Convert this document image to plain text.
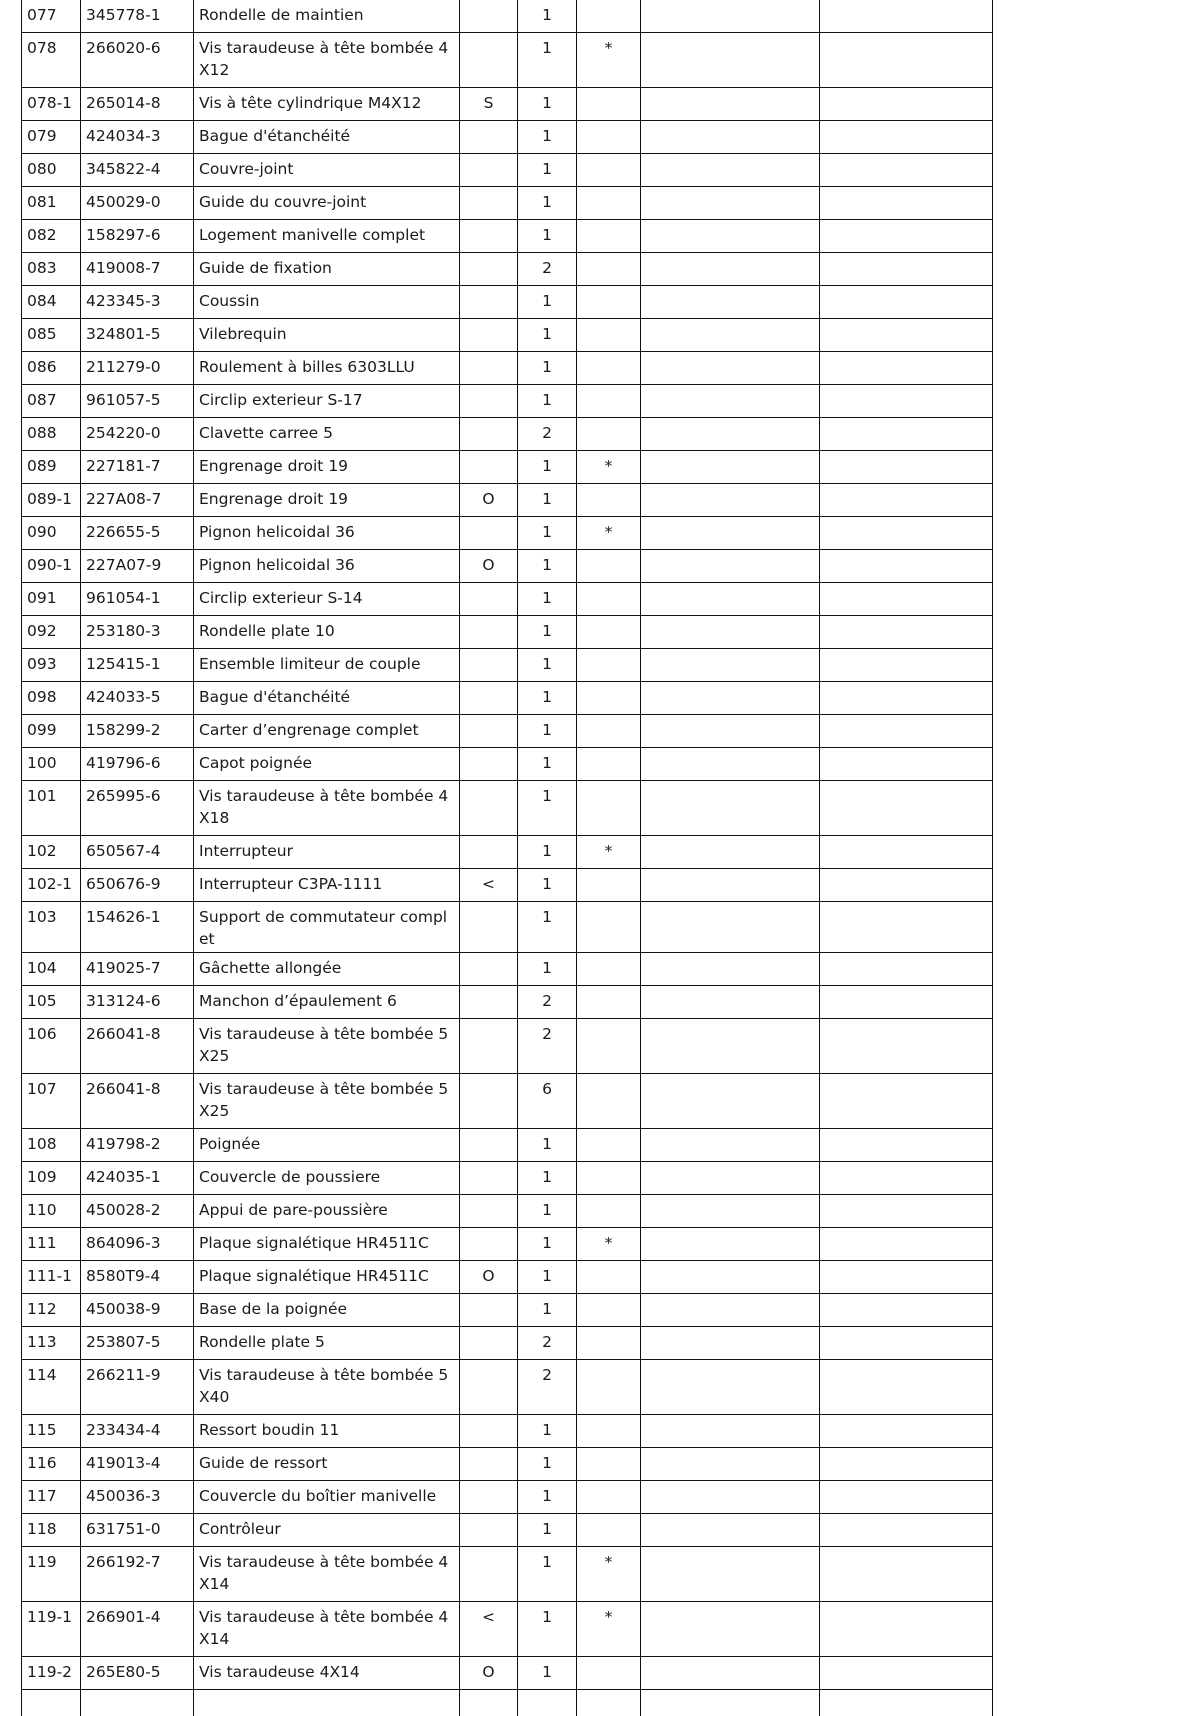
077	345778-1	Rondelle de maintien		1			
078	266020-6	Vis taraudeuse à tête bombée 4X12		1	*		
078-1	265014-8	Vis à tête cylindrique M4X12	S	1			
079	424034-3	Bague d'étanchéité		1			
080	345822-4	Couvre-joint		1			
081	450029-0	Guide du couvre-joint		1			
082	158297-6	Logement manivelle complet		1			
083	419008-7	Guide de fixation		2			
084	423345-3	Coussin		1			
085	324801-5	Vilebrequin		1			
086	211279-0	Roulement à billes 6303LLU		1			
087	961057-5	Circlip exterieur S-17		1			
088	254220-0	Clavette carree 5		2			
089	227181-7	Engrenage droit 19		1	*		
089-1	227A08-7	Engrenage droit 19	O	1			
090	226655-5	Pignon helicoidal 36		1	*		
090-1	227A07-9	Pignon helicoidal 36	O	1			
091	961054-1	Circlip exterieur S-14		1			
092	253180-3	Rondelle plate 10		1			
093	125415-1	Ensemble limiteur de couple		1			
098	424033-5	Bague d'étanchéité		1			
099	158299-2	Carter d’engrenage complet		1			
100	419796-6	Capot poignée		1			
101	265995-6	Vis taraudeuse à tête bombée 4X18		1			
102	650567-4	Interrupteur		1	*		
102-1	650676-9	Interrupteur C3PA-1111	<	1			
103	154626-1	Support de commutateur complet		1			
104	419025-7	Gâchette allongée		1			
105	313124-6	Manchon d’épaulement 6		2			
106	266041-8	Vis taraudeuse à tête bombée 5X25		2			
107	266041-8	Vis taraudeuse à tête bombée 5X25		6			
108	419798-2	Poignée		1			
109	424035-1	Couvercle de poussiere		1			
110	450028-2	Appui de pare-poussière		1			
111	864096-3	Plaque signalétique HR4511C		1	*		
111-1	8580T9-4	Plaque signalétique HR4511C	O	1			
112	450038-9	Base de la poignée		1			
113	253807-5	Rondelle plate 5		2			
114	266211-9	Vis taraudeuse à tête bombée 5X40		2			
115	233434-4	Ressort boudin 11		1			
116	419013-4	Guide de ressort		1			
117	450036-3	Couvercle du boîtier manivelle		1			
118	631751-0	Contrôleur		1			
119	266192-7	Vis taraudeuse à tête bombée 4X14		1	*		
119-1	266901-4	Vis taraudeuse à tête bombée 4X14	<	1	*		
119-2	265E80-5	Vis taraudeuse 4X14	O	1			
